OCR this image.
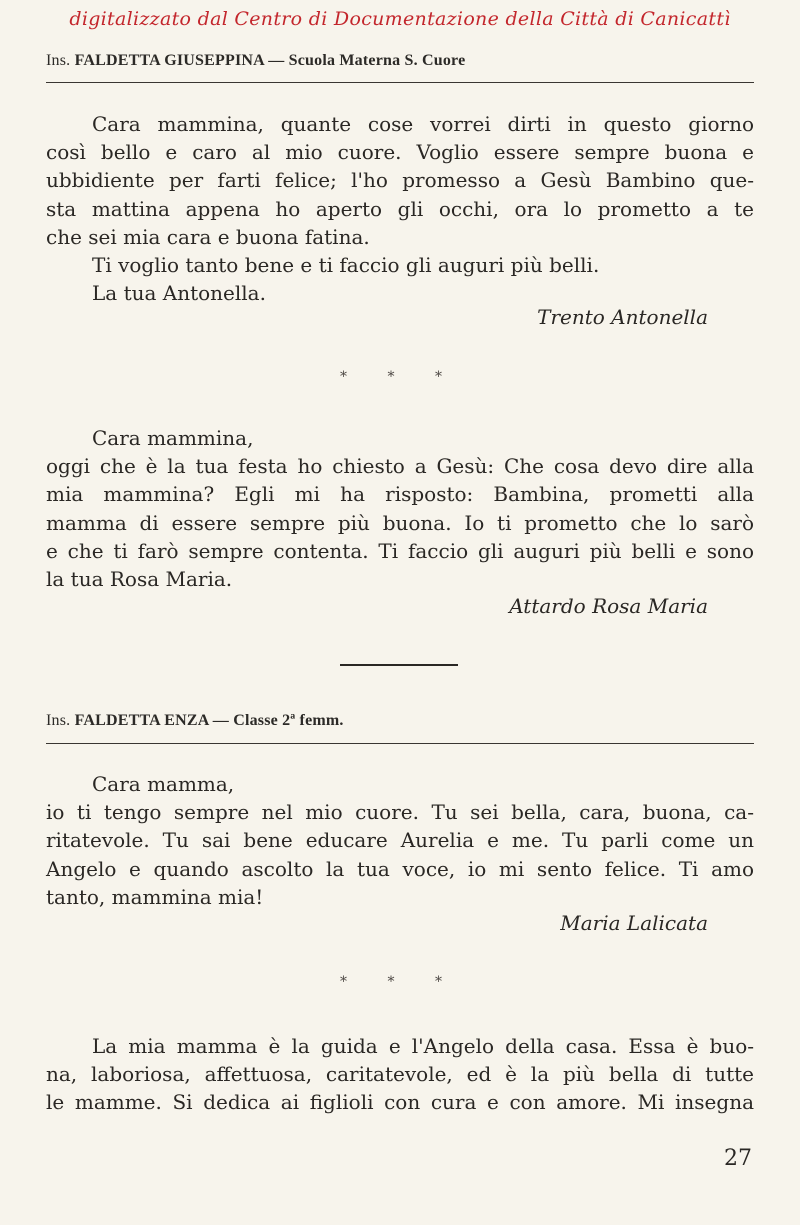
digitalizzato dal Centro di Documentazione della Città di Canicattì
Ins. FALDETTA GIUSEPPINA — Scuola Materna S. Cuore
Cara mammina, quante cose vorrei dirti in questo giorno
così bello e caro al mio cuore. Voglio essere sempre buona e
ubbidiente per farti felice; l'ho promesso a Gesù Bambino que-
sta mattina appena ho aperto gli occhi, ora lo prometto a te
che sei mia cara e buona fatina.
Ti voglio tanto bene e ti faccio gli auguri più belli.
La tua Antonella.
Trento Antonella
* * *
Cara mammina,
oggi che è la tua festa ho chiesto a Gesù: Che cosa devo dire alla
mia mammina? Egli mi ha risposto: Bambina, prometti alla
mamma di essere sempre più buona. Io ti prometto che lo sarò
e che ti farò sempre contenta. Ti faccio gli auguri più belli e sono
la tua Rosa Maria.
Attardo Rosa Maria
Ins. FALDETTA ENZA — Classe 2ª femm.
Cara mamma,
io ti tengo sempre nel mio cuore. Tu sei bella, cara, buona, ca-
ritatevole. Tu sai bene educare Aurelia e me. Tu parli come un
Angelo e quando ascolto la tua voce, io mi sento felice. Ti amo
tanto, mammina mia!
Maria Lalicata
* * *
La mia mamma è la guida e l'Angelo della casa. Essa è buo-
na, laboriosa, affettuosa, caritatevole, ed è la più bella di tutte
le mamme. Si dedica ai figlioli con cura e con amore. Mi insegna
27
